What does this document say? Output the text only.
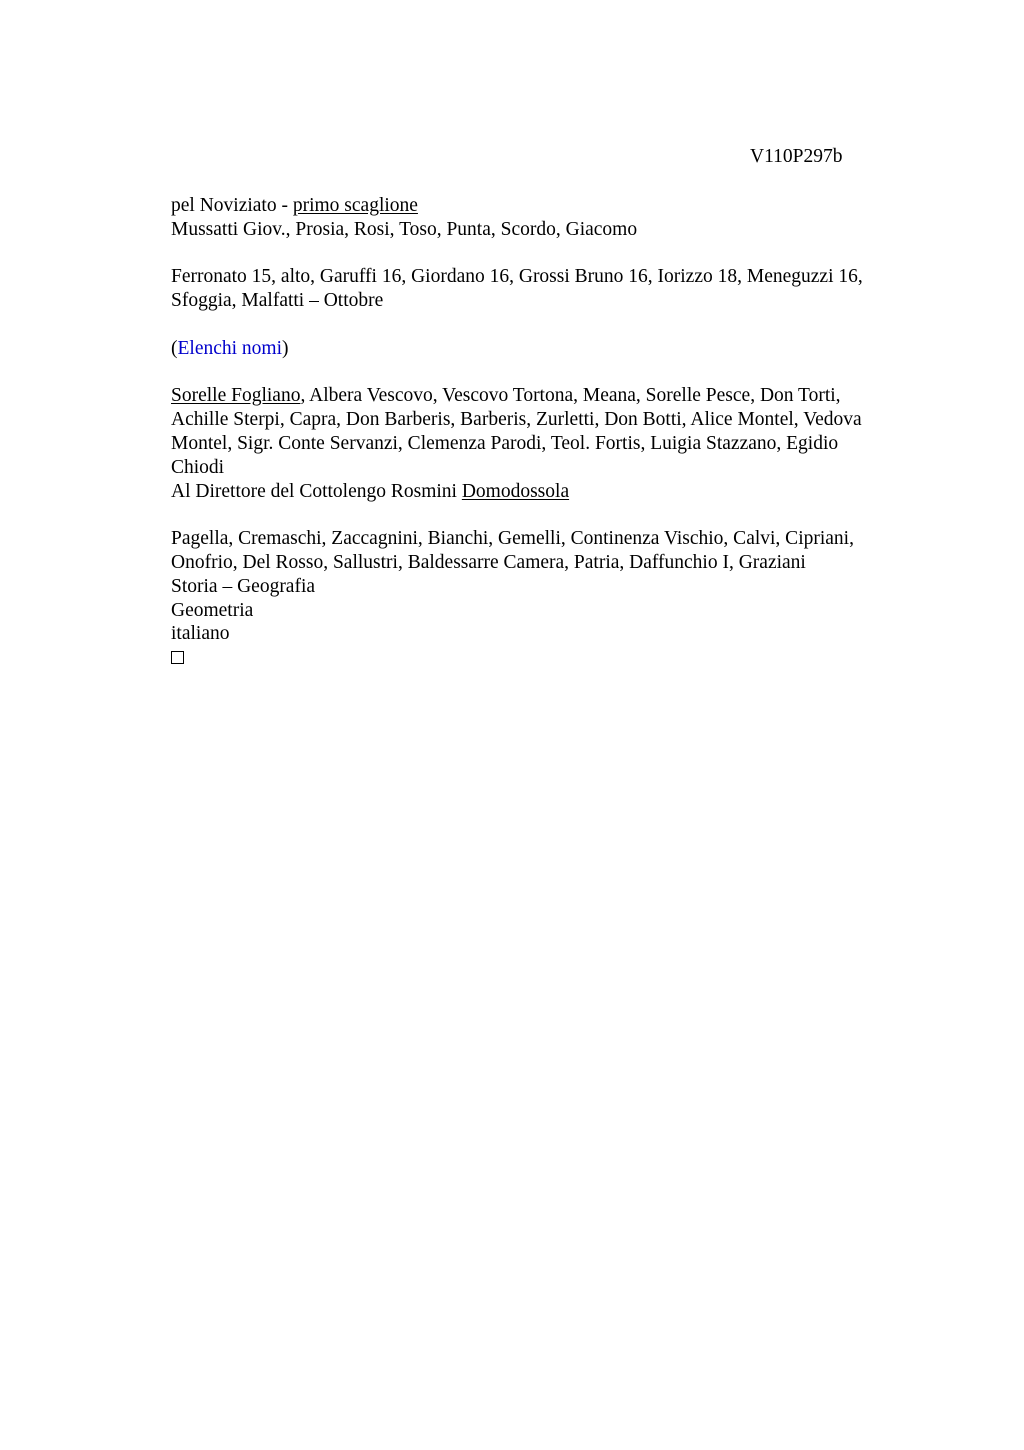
V110P297b
pel Noviziato - primo scaglione
Mussatti Giov., Prosia, Rosi, Toso, Punta, Scordo, Giacomo
Ferronato 15, alto, Garuffi 16, Giordano 16, Grossi Bruno 16, Iorizzo 18, Meneguzzi 16,
Sfoggia, Malfatti – Ottobre
(Elenchi nomi)
Sorelle Fogliano, Albera Vescovo, Vescovo Tortona, Meana, Sorelle Pesce, Don Torti,
Achille Sterpi, Capra, Don Barberis, Barberis, Zurletti, Don Botti, Alice Montel, Vedova
Montel, Sigr. Conte Servanzi, Clemenza Parodi, Teol. Fortis, Luigia Stazzano, Egidio
Chiodi
Al Direttore del Cottolengo Rosmini Domodossola
Pagella, Cremaschi, Zaccagnini, Bianchi, Gemelli, Continenza Vischio, Calvi, Cipriani,
Onofrio, Del Rosso, Sallustri, Baldessarre Camera, Patria, Daffunchio I, Graziani
Storia – Geografia
Geometria
italiano
